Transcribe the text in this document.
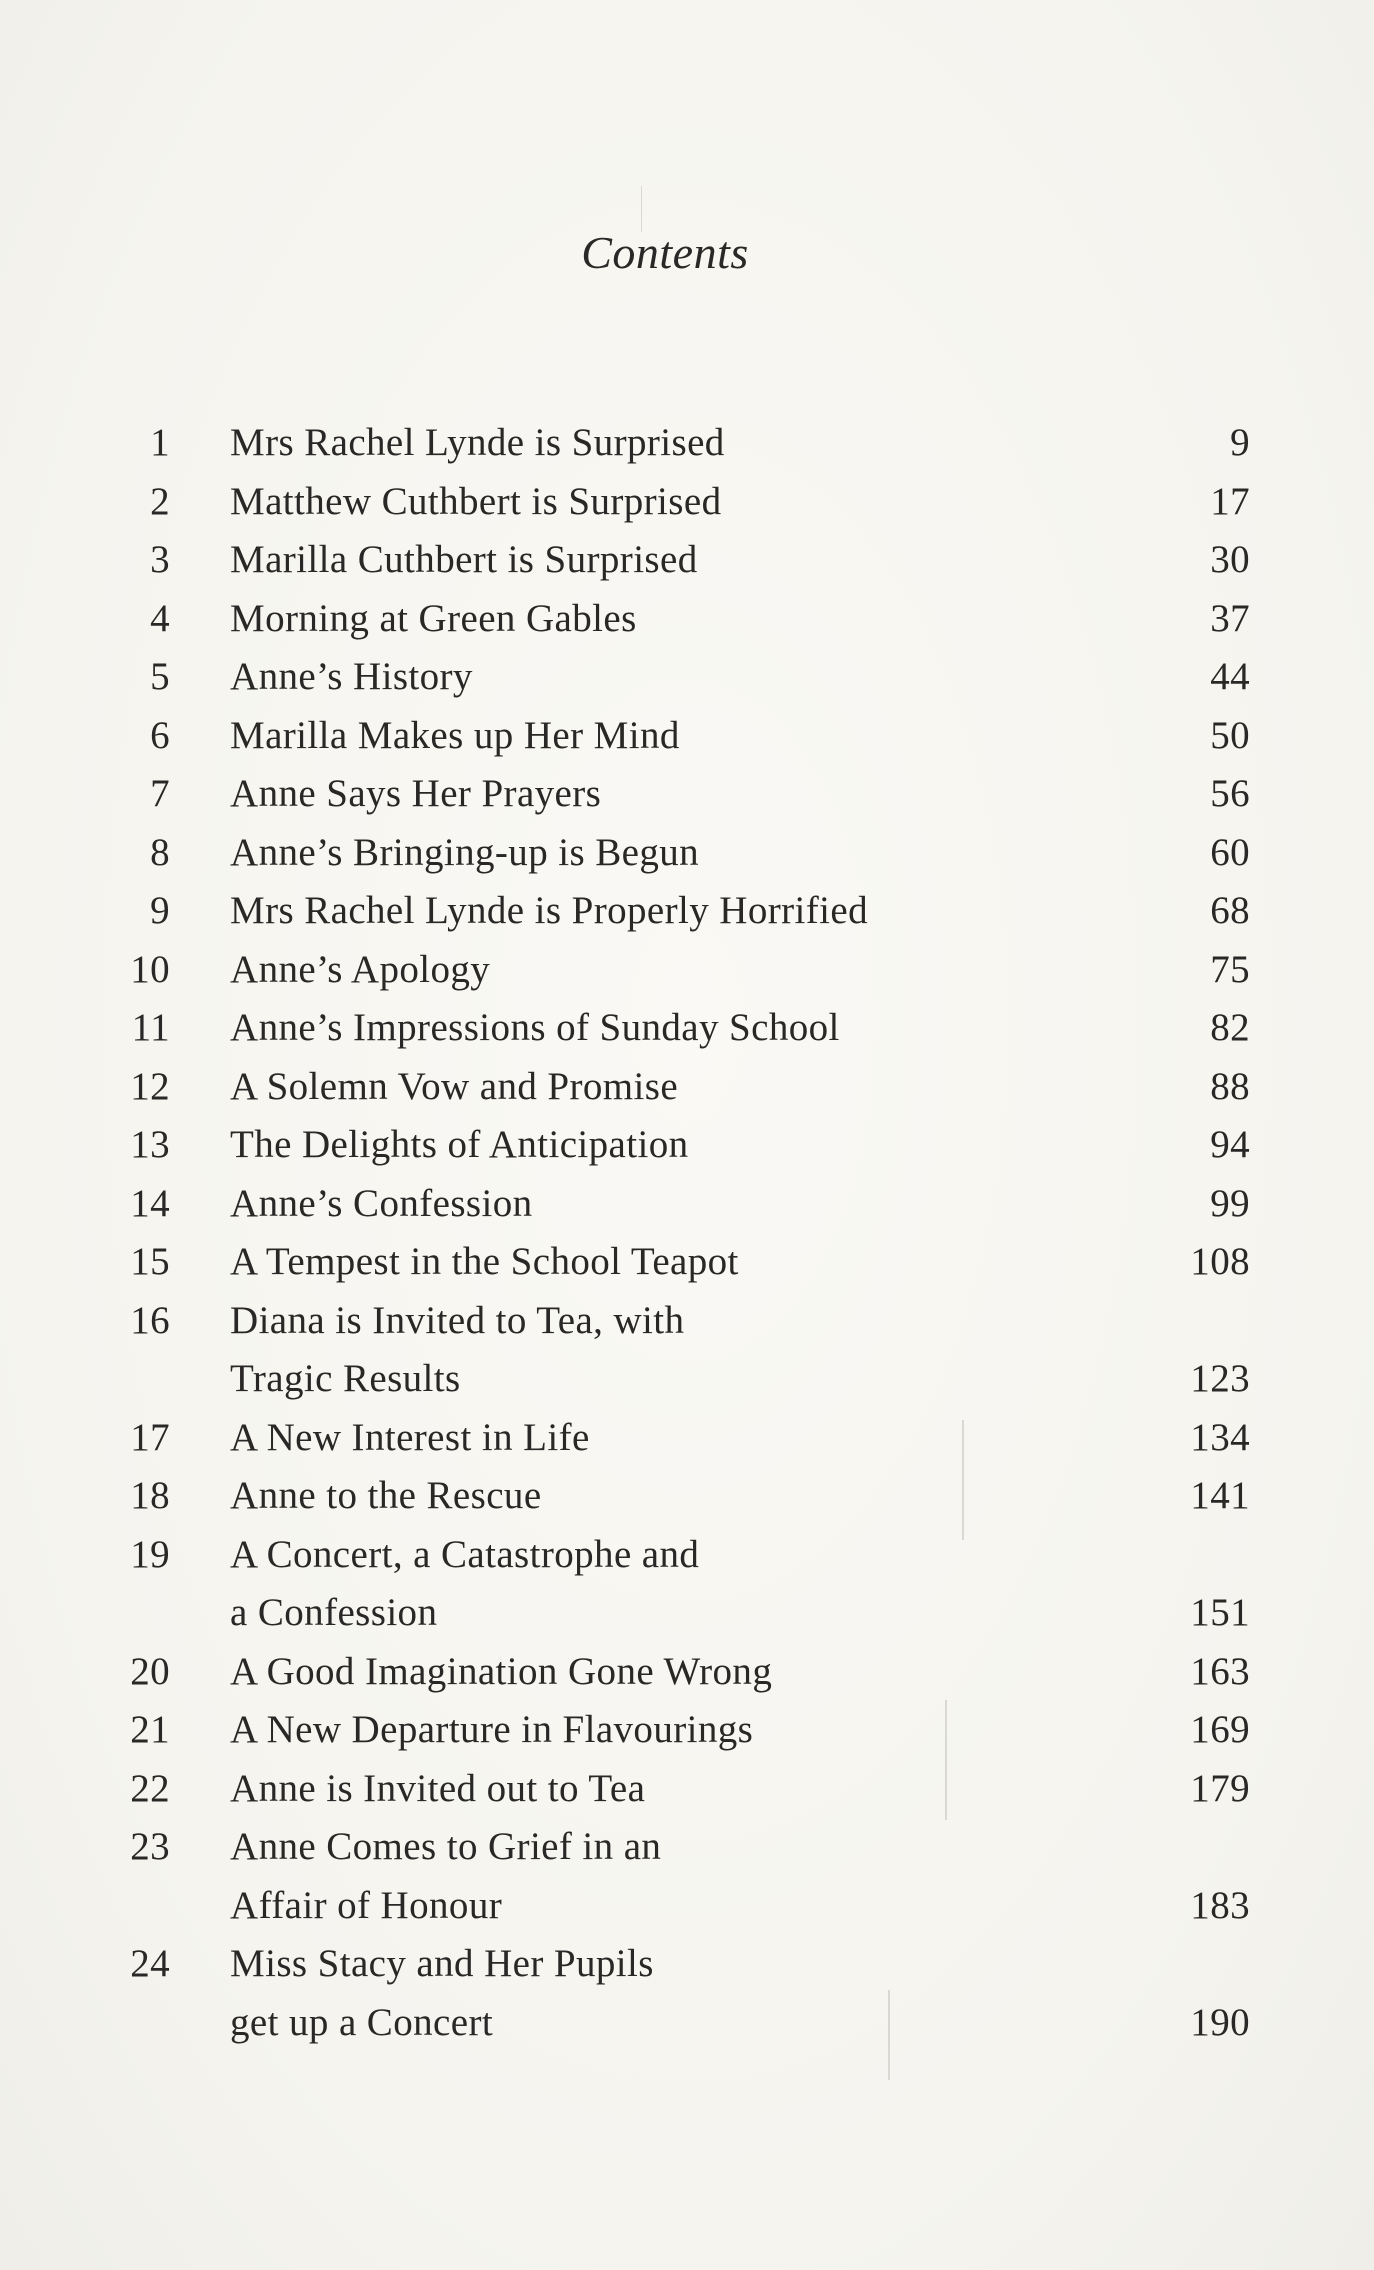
Contents
1 Mrs Rachel Lynde is Surprised	9
2 Matthew Cuthbert is Surprised	17
3 Marilla Cuthbert is Surprised	30
4 Morning at Green Gables	37
5 Anne’s History	44
6 Marilla Makes up Her Mind	50
7 Anne Says Her Prayers	56
8 Anne’s Bringing-up is Begun	60
9 Mrs Rachel Lynde is Properly Horrified	68
10 Anne’s Apology	75
11 Anne’s Impressions of Sunday School	82
12 A Solemn Vow and Promise	88
13 The Delights of Anticipation	94
14 Anne’s Confession	99
15 A Tempest in the School Teapot	108
16 Diana is Invited to Tea, with
Tragic Results	123
17 A New Interest in Life	134
18 Anne to the Rescue	141
19 A Concert, a Catastrophe and
a Confession	151
20 A Good Imagination Gone Wrong	163
21 A New Departure in Flavourings	169
22 Anne is Invited out to Tea	179
23 Anne Comes to Grief in an
Affair of Honour	183
24 Miss Stacy and Her Pupils
get up a Concert	190
